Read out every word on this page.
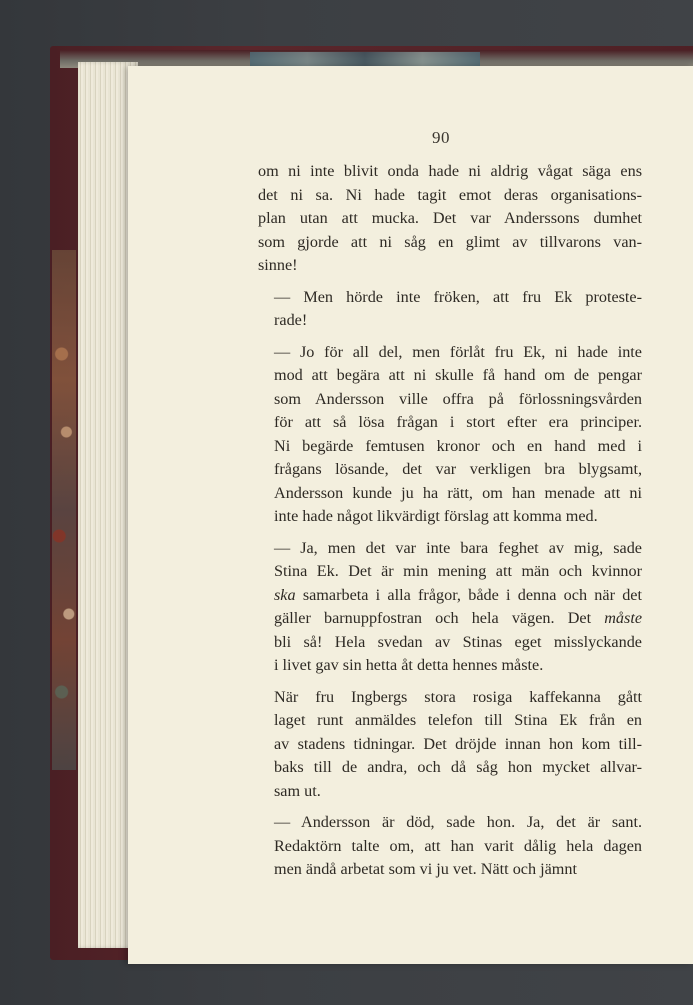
90

om ni inte blivit onda hade ni aldrig vågat säga ens
det ni sa. Ni hade tagit emot deras organisations-
plan utan att mucka. Det var Anderssons dumhet
som gjorde att ni såg en glimt av tillvarons van-
sinne!

— Men hörde inte fröken, att fru Ek proteste-
rade!

— Jo för all del, men förlåt fru Ek, ni hade inte
mod att begära att ni skulle få hand om de pengar
som Andersson ville offra på förlossningsvården
för att så lösa frågan i stort efter era principer.
Ni begärde femtusen kronor och en hand med i
frågans lösande, det var verkligen bra blygsamt,
Andersson kunde ju ha rätt, om han menade att ni
inte hade något likvärdigt förslag att komma med.

— Ja, men det var inte bara feghet av mig, sade
Stina Ek. Det är min mening att män och kvinnor
ska samarbeta i alla frågor, både i denna och när det
gäller barnuppfostran och hela vägen. Det måste
bli så! Hela svedan av Stinas eget misslyckande
i livet gav sin hetta åt detta hennes måste.

När fru Ingbergs stora rosiga kaffekanna gått
laget runt anmäldes telefon till Stina Ek från en
av stadens tidningar. Det dröjde innan hon kom till-
baks till de andra, och då såg hon mycket allvar-
sam ut.

— Andersson är död, sade hon. Ja, det är sant.
Redaktörn talte om, att han varit dålig hela dagen
men ändå arbetat som vi ju vet. Nätt och jämnt
